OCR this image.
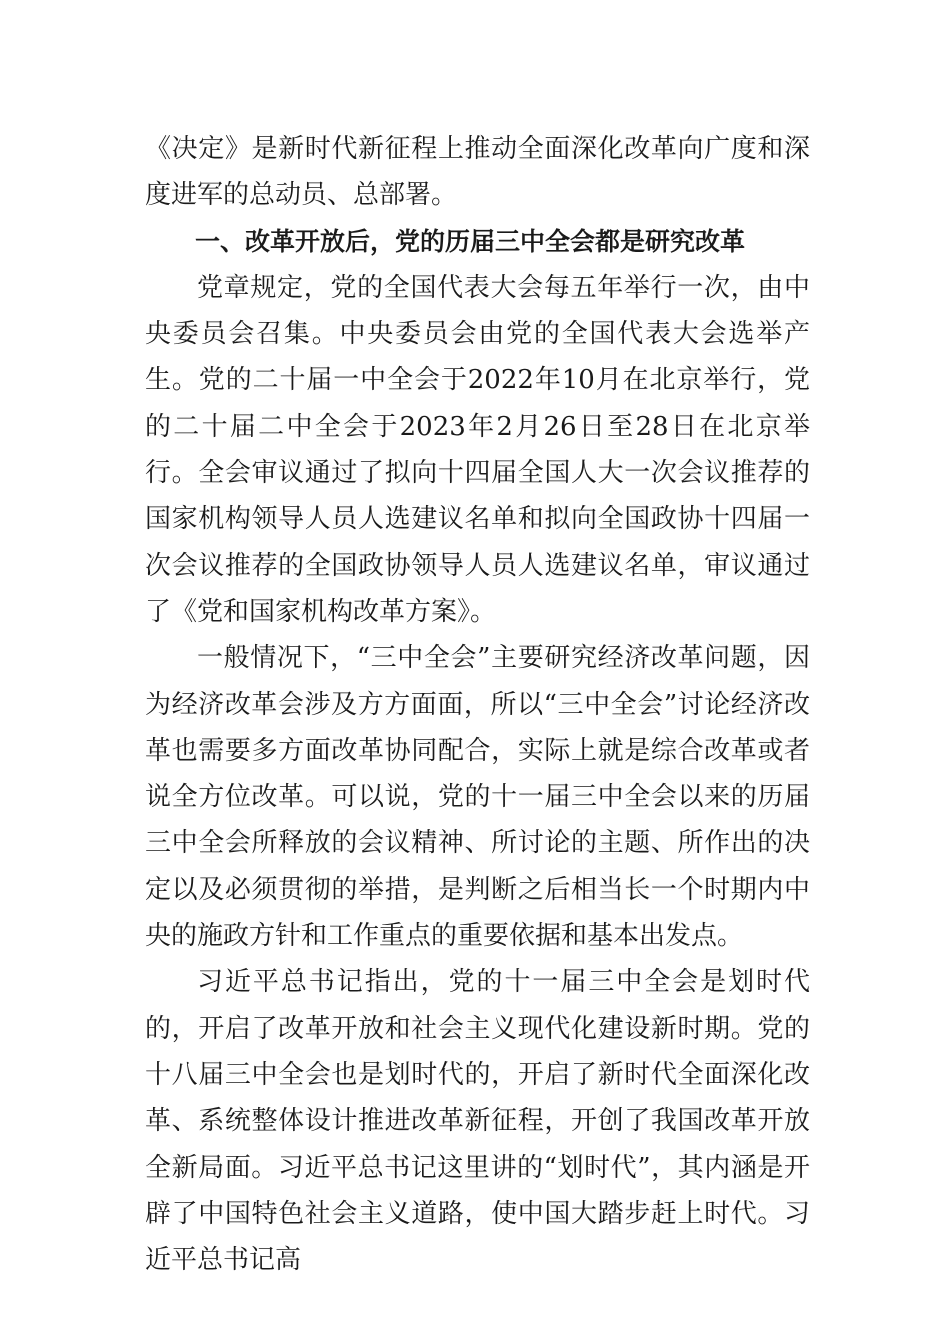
《决定》是新时代新征程上推动全面深化改革向广度和深度进军的总动员、总部署。

一、改革开放后，党的历届三中全会都是研究改革

党章规定，党的全国代表大会每五年举行一次，由中央委员会召集。中央委员会由党的全国代表大会选举产生。党的二十届一中全会于2022年10月在北京举行，党的二十届二中全会于2023年2月26日至28日在北京举行。全会审议通过了拟向十四届全国人大一次会议推荐的国家机构领导人员人选建议名单和拟向全国政协十四届一次会议推荐的全国政协领导人员人选建议名单，审议通过了《党和国家机构改革方案》。

一般情况下，“三中全会”主要研究经济改革问题，因为经济改革会涉及方方面面，所以“三中全会”讨论经济改革也需要多方面改革协同配合，实际上就是综合改革或者说全方位改革。可以说，党的十一届三中全会以来的历届三中全会所释放的会议精神、所讨论的主题、所作出的决定以及必须贯彻的举措，是判断之后相当长一个时期内中央的施政方针和工作重点的重要依据和基本出发点。

习近平总书记指出，党的十一届三中全会是划时代的，开启了改革开放和社会主义现代化建设新时期。党的十八届三中全会也是划时代的，开启了新时代全面深化改革、系统整体设计推进改革新征程，开创了我国改革开放全新局面。习近平总书记这里讲的“划时代”，其内涵是开辟了中国特色社会主义道路，使中国大踏步赶上时代。习近平总书记高
